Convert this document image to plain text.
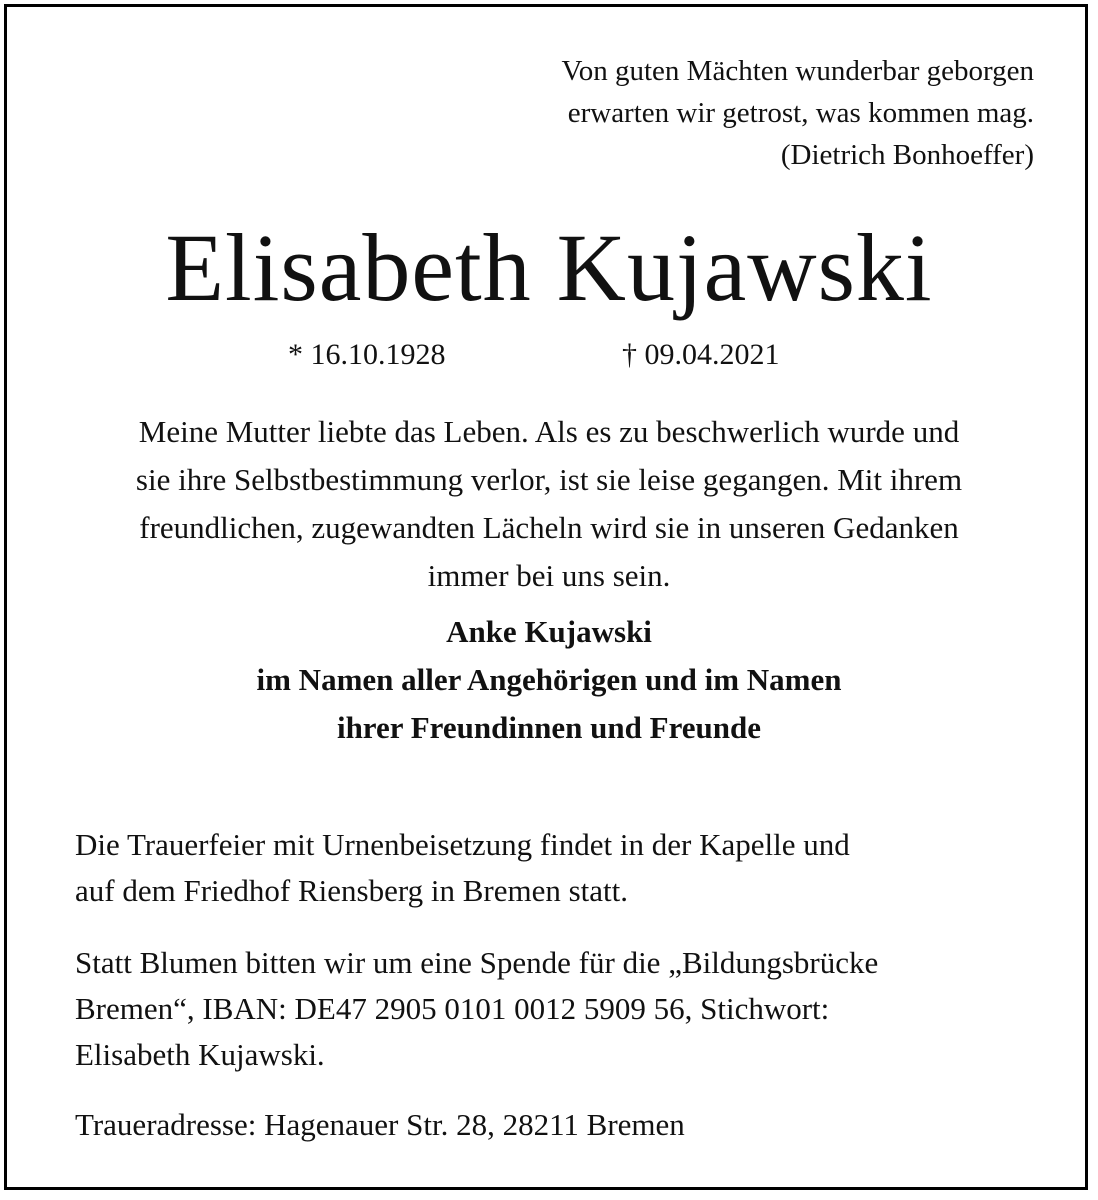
Von guten Mächten wunderbar geborgen
erwarten wir getrost, was kommen mag.
(Dietrich Bonhoeffer)
Elisabeth Kujawski
* 16.10.1928	† 09.04.2021
Meine Mutter liebte das Leben. Als es zu beschwerlich wurde und
sie ihre Selbstbestimmung verlor, ist sie leise gegangen. Mit ihrem
freundlichen, zugewandten Lächeln wird sie in unseren Gedanken
immer bei uns sein.
Anke Kujawski
im Namen aller Angehörigen und im Namen
ihrer Freundinnen und Freunde
Die Trauerfeier mit Urnenbeisetzung findet in der Kapelle und
auf dem Friedhof Riensberg in Bremen statt.
Statt Blumen bitten wir um eine Spende für die „Bildungsbrücke
Bremen“, IBAN: DE47 2905 0101 0012 5909 56, Stichwort:
Elisabeth Kujawski.
Traueradresse: Hagenauer Str. 28, 28211 Bremen
